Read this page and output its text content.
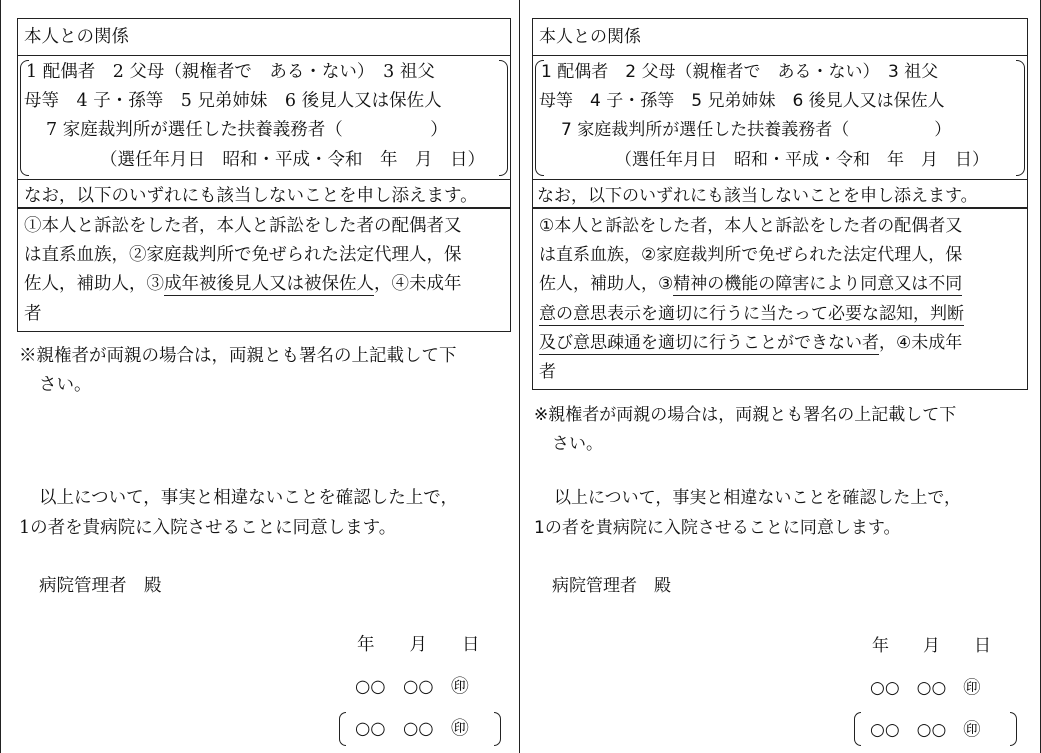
本人との関係
1 配偶者　2 父母（親権者で　ある・ない）　3 祖父
母等　4 子・孫等　5 兄弟姉妹　6 後見人又は保佐人
7 家庭裁判所が選任した扶養義務者（　　　　　）
（選任年月日　昭和・平成・令和　年　月　日）
なお，以下のいずれにも該当しないことを申し添えます。
①本人と訴訟をした者，本人と訴訟をした者の配偶者又
は直系血族，②家庭裁判所で免ぜられた法定代理人，保
佐人，補助人，③成年被後見人又は被保佐人，④未成年
者
※親権者が両親の場合は，両親とも署名の上記載して下
さい。
以上について，事実と相違ないことを確認した上で，
1の者を貴病院に入院させることに同意します。
病院管理者　殿
年　　月　　日
○○　○○　㊞
○○　○○　㊞
本人との関係
1 配偶者　2 父母（親権者で　ある・ない）　3 祖父
母等　4 子・孫等　5 兄弟姉妹　6 後見人又は保佐人
7 家庭裁判所が選任した扶養義務者（　　　　　）
（選任年月日　昭和・平成・令和　年　月　日）
なお，以下のいずれにも該当しないことを申し添えます。
①本人と訴訟をした者，本人と訴訟をした者の配偶者又
は直系血族，②家庭裁判所で免ぜられた法定代理人，保
佐人，補助人，③精神の機能の障害により同意又は不同
意の意思表示を適切に行うに当たって必要な認知，判断
及び意思疎通を適切に行うことができない者，④未成年
者
※親権者が両親の場合は，両親とも署名の上記載して下
さい。
以上について，事実と相違ないことを確認した上で，
1の者を貴病院に入院させることに同意します。
病院管理者　殿
年　　月　　日
○○　○○　㊞
○○　○○　㊞
